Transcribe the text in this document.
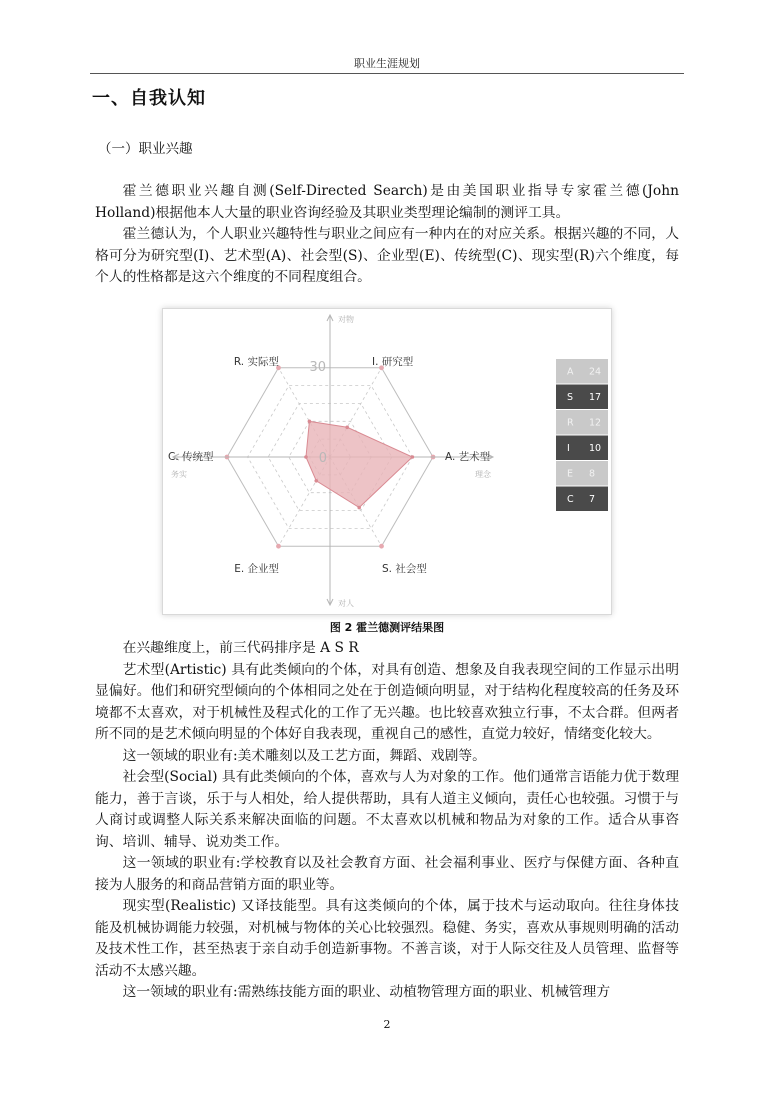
职业生涯规划
一、自我认知
（一）职业兴趣

霍兰德职业兴趣自测(Self-Directed Search)是由美国职业指导专家霍兰德(John Holland)根据他本人大量的职业咨询经验及其职业类型理论编制的测评工具。

霍兰德认为，个人职业兴趣特性与职业之间应有一种内在的对应关系。根据兴趣的不同，人格可分为研究型(I)、艺术型(A)、社会型(S)、企业型(E)、传统型(C)、现实型(R)六个维度，每个人的性格都是这六个维度的不同程度组合。

A. 艺术型
S. 社会型
E. 企业型
C. 传统型
R. 实际型	I. 研究型
30
0
对物
对人
务实	理念
A 24
S 17
R 12
I 10
E 8
C 7
图 2 霍兰德测评结果图

在兴趣维度上，前三代码排序是 A S R

艺术型(Artistic) 具有此类倾向的个体，对具有创造、想象及自我表现空间的工作显示出明显偏好。他们和研究型倾向的个体相同之处在于创造倾向明显，对于结构化程度较高的任务及环境都不太喜欢，对于机械性及程式化的工作了无兴趣。也比较喜欢独立行事，不太合群。但两者所不同的是艺术倾向明显的个体好自我表现，重视自己的感性，直觉力较好，情绪变化较大。

这一领域的职业有:美术雕刻以及工艺方面，舞蹈、戏剧等。

社会型(Social) 具有此类倾向的个体，喜欢与人为对象的工作。他们通常言语能力优于数理能力，善于言谈，乐于与人相处，给人提供帮助，具有人道主义倾向，责任心也较强。习惯于与人商讨或调整人际关系来解决面临的问题。不太喜欢以机械和物品为对象的工作。适合从事咨询、培训、辅导、说劝类工作。

这一领域的职业有:学校教育以及社会教育方面、社会福利事业、医疗与保健方面、各种直接为人服务的和商品营销方面的职业等。

现实型(Realistic) 又译技能型。具有这类倾向的个体，属于技术与运动取向。往往身体技能及机械协调能力较强，对机械与物体的关心比较强烈。稳健、务实，喜欢从事规则明确的活动及技术性工作，甚至热衷于亲自动手创造新事物。不善言谈，对于人际交往及人员管理、监督等活动不太感兴趣。

这一领域的职业有:需熟练技能方面的职业、动植物管理方面的职业、机械管理方

2
